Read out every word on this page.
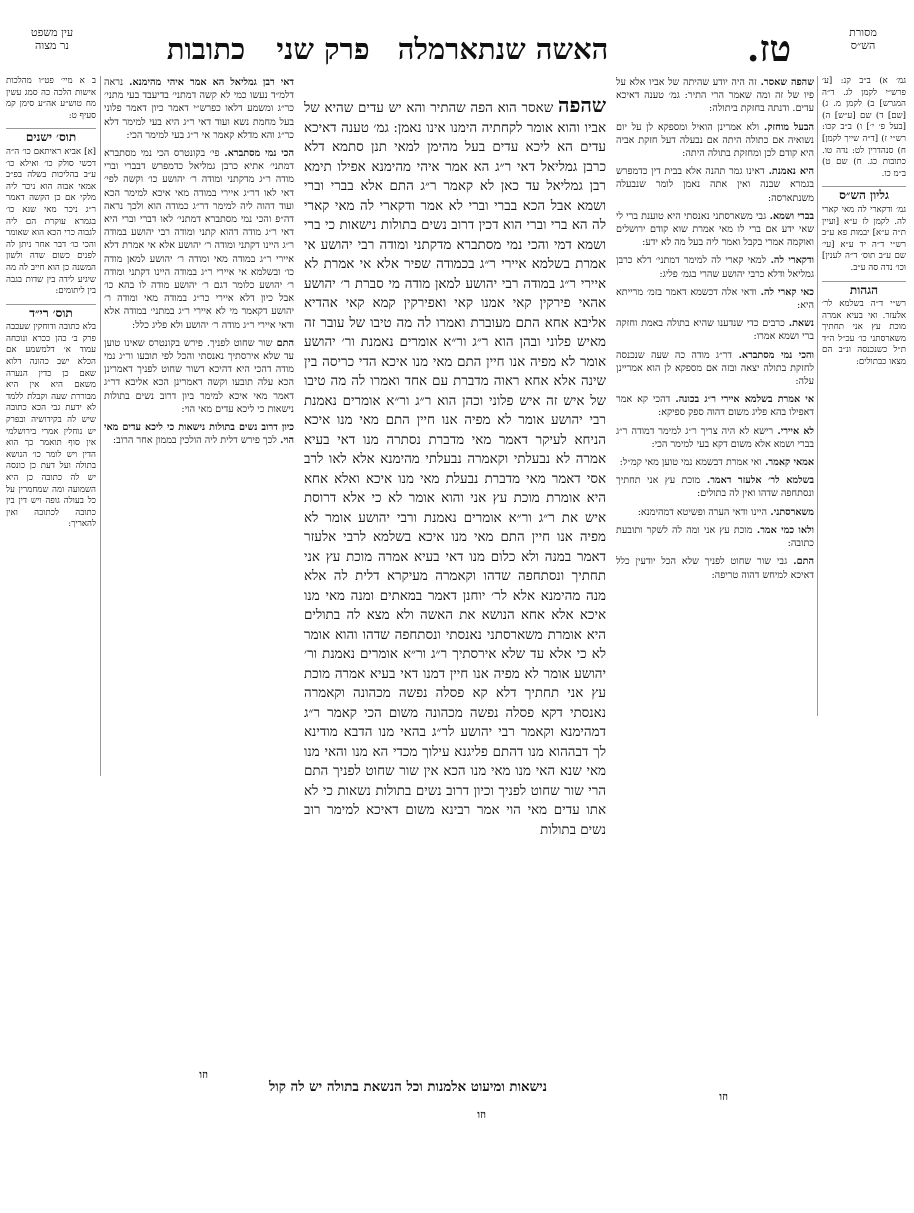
מסורת
הש״ס
האשה שנתארמלה
פרק שני
כתובות	טז.
עין משפט
נר מצוה

גמ׳ א) ב״ב קנ: [ע׳ פרש״י לקמן לג. ד״ה המגרש] ב) לקמן מ. ג) [שם] ד) שם [ע״ש] ה) [בעל פ׳ י׳] ו) ב״ב קכו: רש״י ז) [ד״ה שייך לקמן] ח) סנהדרין לט: נדה טו. כתובות כג. ח) שם ט) ב״מ כו.

גליון הש״ס

גמ׳ ודקארי לה מאי קארי לה. לקמן לז ע״א [ועיין ת״ה ע״א] יבמות פא ע״ב רש״י ד״ה יד ע״א [עי׳ שם ע״ב תוס׳ ד״ה לענין] וכו׳ נדה סה ע״ב.

הגהות

רש״י ד״ה בשלמא לר׳ אלעזר. ואי בעיא אמרה מוכת עץ אני תחתיך משארסתני כו׳ עכ״ל ה״ד ת״ל כשנכנסה ונ״ב הם מצאו כבתולים:

שהפה שאסר. זה היה יודע שהיתה של אביו אלא על פיו של זה ומה שאמר הרי התיר: גמ׳ טענה דאיכא עדים. ודנתה בחזקת ביתולה:

הבעל מוחזק. ולא אמרינן הואיל ומספקא לן על יום נשואיה אם כתולה היתה אם נבעלה דעל חזקת אביה היא קודם לכן ומחזקת בתולה היתה:

היא נאמנת. דאינו גמר תהנה אלא בבית דין כדמפרש בגמרא שבנה ואין אתה נאמן לומר שנבעלה משנתארסה:

בברי ושמא. גבי משארסתני נאנסתי היא טוענת ברי לי שאי ידע אם ברי לו מאי אמרת שוא קודם ירושלים ואוקמה אמרי בקבל ואמר ליה בעל מה לא ידע:

ודקארי לה. למאי קארי לה למימר דמתני׳ דלא כרבן גמליאל ודלא כרבי יהושע שהרי בגמ׳ פליג:

כאי קארי לה. ודאי אלה דכשמא דאמר בזמ׳ מרייתא היא:

נשאת. כרבים כדי שנדענו שהיא בתולה באמת וחזקה ברי ושמא אמרו:

והכי נמי מסתברא. דר״ג מודה כה שעה שנכנסה לחזקת בתולה יצאה ובזה אם מספקא לן הוא אמריינן עלה:

אי אמרת בשלמא איירי ר״ג בכונה. דהכי קא אמר דאפילו בהא פליג משום דהוה ספק ספיקא:

לא איירי. רישא לא היה צריך ר״ג למימר דמודה ר״ג בברי ושמא אלא משום דקא בעי למימר הכי:

אמאי קאמר. ואי אמרת דבשמא נמי טוען מאי קמ״ל:

בשלמא לר׳ אלעזר דאמר. מוכת עץ אני תחתיך ונסתחפה שדהו ואין לה בתולים:

משארסתני. היינו ודאי הערה ופשיטא דמהימנא:

ולאו כמי אמר. מוכת עץ אני ומה לה לשקר ותובעת כתובה:

התם. גבי שור שחוט לפניך שלא הכל יודעין כלל דאיכא למיחש דהוה טריפה:

וזו
שהפה שאסר הוא הפה שהתיר והא יש עדים שהיא של אביו והוא אומר לקחתיה הימנו אינו נאמן: גמ׳ טענה דאיכא עדים הא ליכא עדים בעל מהימן למאי תנן סתמא דלא כרבן גמליאל דאי ר״ג הא אמר איהי מהימנא אפילו תימא רבן גמליאל עד כאן לא קאמר ר״ג התם אלא בברי וברי ושמא אבל הכא בברי וברי לא אמר ודקארי לה מאי קארי לה הא ברי וברי הוא דכין דרוב נשים בתולות נישאות כי ברי ושמא דמי והכי נמי מסתברא מדקתני ומודה רבי יהושע אי אמרת בשלמא איירי ר״ג בכמודה שפיר אלא אי אמרת לא איירי ר״ג במודה רבי יהושע למאן מודה מי סברת ר׳ יהושע אהאי פירקין קאי אמנו קאי ואפירקין קמא קאי אהדיא אליבא אחא התם מעוברת ואמרו לה מה טיבו של עובר זה מאיש פלוני ובהן הוא ר״ג ור״א אומרים נאמנת ור׳ יהושע אומר לא מפיה אנו חיין התם מאי מנו איכא הדי כריסה בין שינה אלא אחא ראוה מדברת עם אחד ואמרו לה מה טיבו של איש זה איש פלוני וכהן הוא ר״ג ור״א אומרים נאמנת רבי יהושע אומר לא מפיה אנו חיין התם מאי מנו איכא הניחא לעיקר דאמר מאי מדברת נסתרה מנו דאי בעיא אמרה לא נבעלתי וקאמרה נבעלתי מהימנא אלא לאו לרב אסי דאמר מאי מדברת נבעלת מאי מנו איכא ואלא אחא היא אומרת מוכת עץ אני והוא אומר לא כי אלא דרוסת איש את ר״ג ור״א אומרים נאמנת ורבי יהושע אומר לא מפיה אנו חיין התם מאי מנו איכא בשלמא לרבי אלעזר דאמר במנה ולא כלום מנו דאי בעיא אמרה מוכת עץ אני תחתיך ונסתחפה שדהו וקאמרה מעיקרא דלית לה אלא מנה מהימנא אלא לר׳ יוחנן דאמר במאתים ומנה מאי מנו איכא אלא אחא הנושא את האשה ולא מצא לה בתולים היא אומרת משארסתני נאנסתי ונסתחפה שדהו והוא אומר לא כי אלא עד שלא אירסתיך ר״ג ור״א אומרים נאמנת ור׳ יהושע אומר לא מפיה אנו חיין דמנו דאי בעיא אמרה מוכת עץ אני תחתיך דלא קא פסלה נפשה מכהונה וקאמרה נאנסתי דקא פסלה נפשה מכהונה משום הכי קאמר ר״ג דמהימנא וקאמר רבי יהושע לר״ג בהאי מנו הדבא מודינא לך דבההוא מנו דהתם פליגנא עילוך מכדי הא מנו והאי מנו מאי שנא האי מנו מאי מנו הכא אין שור שחוט לפניך התם הרי שור שחוט לפניך וכיון דרוב נשים בתולות נשאות כי לא אתו עדים מאי הוי אמר רבינא משום דאיכא למימר רוב נשים בתולות
נישאות ומיעוט אלמנות וכל הנשאת בתולה יש לה קול
וזו

דאי רבן גמליאל הא אמר איהי מהימנא. נראה דלמ״ד נעשו כמי לא קשה דמתני׳ בדיעבד בעי מתני׳ כר״ג ומשמע דלאו כפרש״י דאמר כיון דאמר פלוני בעל מחמת נשא ועוד דאי ר״ג היא בעי למימר דלא כר״ג והא מדלא קאמר אי ר״ג בעי למימר הכי:

הכי נמי מסתברא. פי׳ בקונטרס הכי נמי מסתברא דמתני׳ אתיא כרבן גמליאל כדמפרש דבברי וברי מודה ר״ג מדקתני ומודה ר׳ יהושע כו׳ וקשה לפי׳ דאי לאו דר״ג איירי במודה מאי איכא למימר הכא ועוד דהוה ליה למימר דר״ג כמודה הוא ולכך נראה דה״פ והכי נמי מסתברא דמתני׳ לאו דברי וברי היא דאי ר״ג מודה דהוא קתני ומודה רבי יהושע במודה ר״ג היינו דקתני ומודה ר׳ יהושע אלא אי אמרת דלא איירי ר״ג במודה מאי ומודה ר׳ יהושע למאן מודה כו׳ ובשלמא אי איירי ר״ג במודה היינו דקתני ומודה ר׳ יהושע כלומר דגם ר׳ יהושע מודה לו בהא כו׳ אבל כיון דלא איירי כר״ג במודה מאי ומודה ר׳ יהושע דקאמר מי לא איירי ר״ג במתני׳ במודה אלא ודאי איירי ר״ג מודה ר׳ יהושע ולא פליג כלל:

התם שור שחוט לפניך. פירש בקונטרס שאינו טוען עד שלא אירסתיך נאנסתי והכל לפי תובעו ור״ג נמי מודה דהכי היא דהיכא דשור שחוט לפניך דאמרינן הכא עלה תובעו וקשה דאמרינן הכא אליבא דר״ג דאמר מאי איכא למימר ביון דרוב נשים בתולות נישאות כי ליכא עדים מאי הוי:

כיון דרוב נשים בתולות נישאות כי ליכא עדים מאי הוי. לכך פירש דלית ליה הולכין בממון אחר הרוב:

וזו

ב א מיי׳ פט״ו מהלכות אישות הלכה כה סמג עשין מח טוש״ע אה״ע סימן קמ סעיף ט:

תוס׳ ישנים

[א] אביא ראיתאם כו׳ ה״ה דכשי סולק כו׳ ואילא כו׳ ע״ב בהליכות בשלה בפ״ב אמאי אבוה הוא ניכר ליה מלקי אם כן הקשה דאמר ר״ג ניכר מאי שנא כו׳ בגמרא עוקרת הם ליה לגבוה כרי הכא הוא שאומר והכי כו׳ דבר אחר ניתן לה לפנים כשום שדה ולשון המשנה כן הוא חייב לה מה שיגיע לידה בין שדות בגבה בין ליתומים:

תוס׳ רי״ד

בלא כתובה ודוחקין שעכבה פרק ב׳ כהן ככרא ונוכחה עמוד א׳ דלמשמע אם הכלא ישב כהונה דלוא שאם כן כדין הנערה משאם היא אין היא מבוררת שעה וקבלת ללמד לא ידעת גבי הכא כתובה שיש לה בקידושיה ובפרק יש נוחלין אמרי בירושלמי אין סוף תואמר כך הוא הדין ויש לומר כו׳ הנושא בתולה ועל דעת כן כונסה יש לה כתובה כן היא השמועה ומה שמחמרין על כל בעולה גופה ויש דין בין כתובה לכתובה ואין להאריך:
